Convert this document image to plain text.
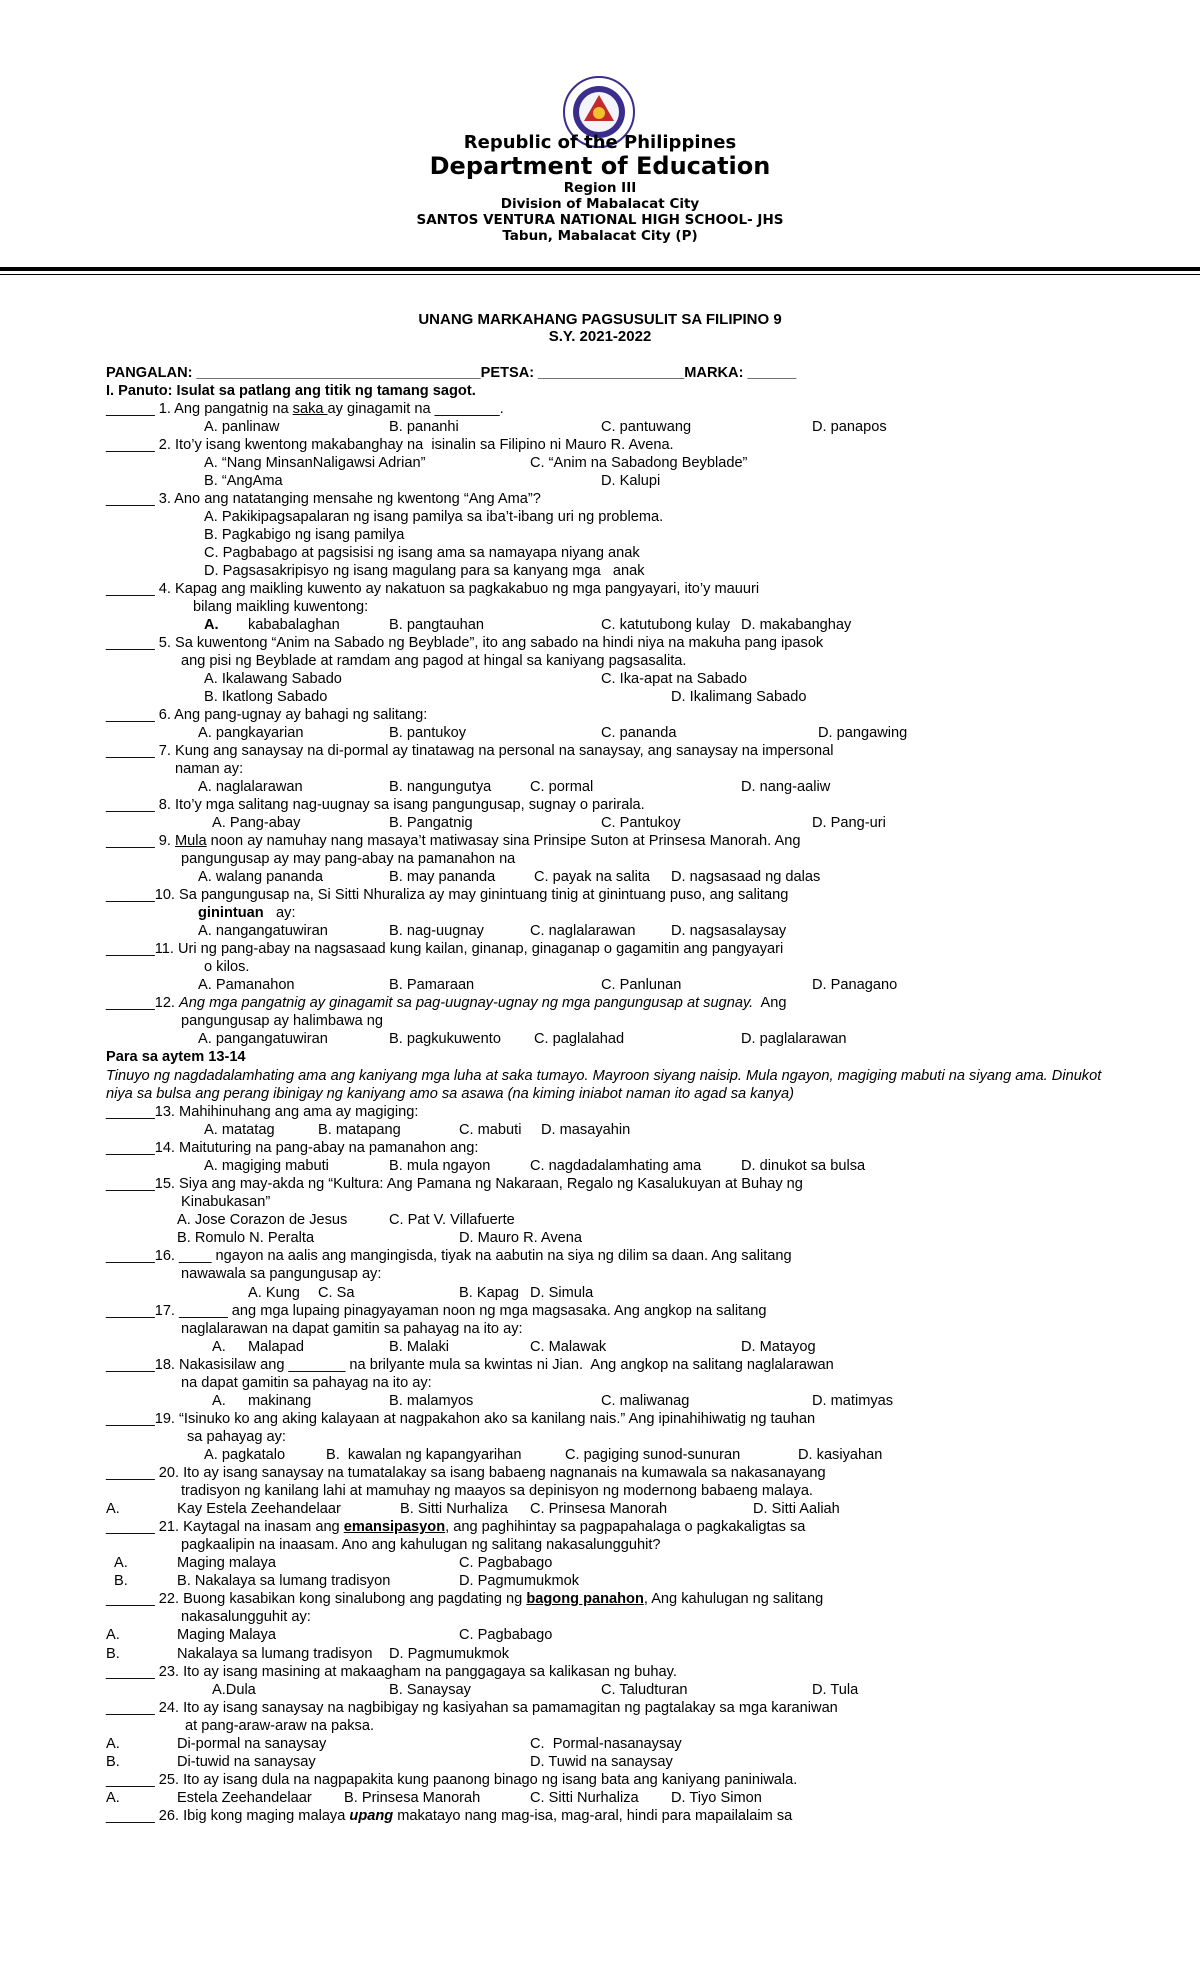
Republic of the Philippines
Department of Education
Region III
Division of Mabalacat City
SANTOS VENTURA NATIONAL HIGH SCHOOL- JHS
Tabun, Mabalacat City (P)
UNANG MARKAHANG PAGSUSULIT SA FILIPINO 9
S.Y. 2021-2022
PANGALAN: ___________________________________PETSA: __________________MARKA: ______
I. Panuto: Isulat sa patlang ang titik ng tamang sagot.
______ 1. Ang pangatnig na saka ay ginagamit na ________.
A. panlinaw	B. pananhi	C. pantuwang	D. panapos
______ 2. Ito’y isang kwentong makabanghay na  isinalin sa Filipino ni Mauro R. Avena.
A. “Nang MinsanNaligawsi Adrian”	C. “Anim na Sabadong Beyblade”
B. “AngAma	D. Kalupi
______ 3. Ano ang natatanging mensahe ng kwentong “Ang Ama”?
A. Pakikipagsapalaran ng isang pamilya sa iba’t-ibang uri ng problema.
B. Pagkabigo ng isang pamilya
C. Pagbabago at pagsisisi ng isang ama sa namayapa niyang anak
D. Pagsasakripisyo ng isang magulang para sa kanyang mga   anak
______ 4. Kapag ang maikling kuwento ay nakatuon sa pagkakabuo ng mga pangyayari, ito’y mauuri
bilang maikling kuwentong:
A. kababalaghan	B. pangtauhan	C. katutubong kulay D. makabanghay
______ 5. Sa kuwentong “Anim na Sabado ng Beyblade”, ito ang sabado na hindi niya na makuha pang ipasok
ang pisi ng Beyblade at ramdam ang pagod at hingal sa kaniyang pagsasalita.
A. Ikalawang Sabado	C. Ika-apat na Sabado
B. Ikatlong Sabado	D. Ikalimang Sabado
______ 6. Ang pang-ugnay ay bahagi ng salitang:
A. pangkayarian	B. pantukoy	C. pananda	D. pangawing
______ 7. Kung ang sanaysay na di-pormal ay tinatawag na personal na sanaysay, ang sanaysay na impersonal
naman ay:
A. naglalarawan	B. nangungutya	C. pormal	D. nang-aaliw
______ 8. Ito’y mga salitang nag-uugnay sa isang pangungusap, sugnay o parirala.
A. Pang-abay	B. Pangatnig	C. Pantukoy	D. Pang-uri
______ 9. Mula noon ay namuhay nang masaya’t matiwasay sina Prinsipe Suton at Prinsesa Manorah. Ang
pangungusap ay may pang-abay na pamanahon na
A. walang pananda	B. may pananda	C. payak na salita D. nagsasaad ng dalas
______10. Sa pangungusap na, Si Sitti Nhuraliza ay may ginintuang tinig at ginintuang puso, ang salitang
ginintuan ay:
A. nangangatuwiran	B. nag-uugnay	C. naglalarawan D. nagsasalaysay
______11. Uri ng pang-abay na nagsasaad kung kailan, ginanap, ginaganap o gagamitin ang pangyayari
o kilos.
A. Pamanahon	B. Pamaraan	C. Panlunan	D. Panagano
______12. Ang mga pangatnig ay ginagamit sa pag-uugnay-ugnay ng mga pangungusap at sugnay.  Ang
pangungusap ay halimbawa ng
A. pangangatuwiran	B. pagkukuwento C. paglalahad	D. paglalarawan
Para sa aytem 13-14
Tinuyo ng nagdadalamhating ama ang kaniyang mga luha at saka tumayo. Mayroon siyang naisip. Mula ngayon, magiging mabuti na siyang ama. Dinukot niya sa bulsa ang perang ibinigay ng kaniyang amo sa asawa (na kiming iniabot naman ito agad sa kanya)
______13. Mahihinuhang ang ama ay magiging:
A. matatag	B. matapang	C. mabuti D. masayahin
______14. Maituturing na pang-abay na pamanahon ang:
A. magiging mabuti	B. mula ngayon	C. nagdadalamhating ama	D. dinukot sa bulsa
______15. Siya ang may-akda ng “Kultura: Ang Pamana ng Nakaraan, Regalo ng Kasalukuyan at Buhay ng
Kinabukasan”
A. Jose Corazon de Jesus	C. Pat V. Villafuerte
B. Romulo N. Peralta	D. Mauro R. Avena
______16. ____ ngayon na aalis ang mangingisda, tiyak na aabutin na siya ng dilim sa daan. Ang salitang
nawawala sa pangungusap ay:
A. Kung C. Sa	B. Kapag D. Simula
______17. ______ ang mga lupaing pinagyayaman noon ng mga magsasaka. Ang angkop na salitang
naglalarawan na dapat gamitin sa pahayag na ito ay:
A. Malapad	B. Malaki	C. Malawak	D. Matayog
______18. Nakasisilaw ang _______ na brilyante mula sa kwintas ni Jian.  Ang angkop na salitang naglalarawan
na dapat gamitin sa pahayag na ito ay:
A. makinang	B. malamyos	C. maliwanag	D. matimyas
______19. “Isinuko ko ang aking kalayaan at nagpakahon ako sa kanilang nais.” Ang ipinahihiwatig ng tauhan
sa pahayag ay:
A. pagkatalo	B.  kawalan ng kapangyarihan	C. pagiging sunod-sunuran	D. kasiyahan
______ 20. Ito ay isang sanaysay na tumatalakay sa isang babaeng nagnanais na kumawala sa nakasanayang
tradisyon ng kanilang lahi at mamuhay ng maayos sa depinisyon ng modernong babaeng malaya.
A.	Kay Estela Zeehandelaar	B. Sitti Nurhaliza C. Prinsesa Manorah	D. Sitti Aaliah
______ 21. Kaytagal na inasam ang emansipasyon, ang paghihintay sa pagpapahalaga o pagkakaligtas sa
pagkaalipin na inaasam. Ano ang kahulugan ng salitang nakasalungguhit?
A.	Maging malaya	C. Pagbabago
B.	B. Nakalaya sa lumang tradisyon	D. Pagmumukmok
______ 22. Buong kasabikan kong sinalubong ang pagdating ng bagong panahon, Ang kahulugan ng salitang
nakasalungguhit ay:
A.	Maging Malaya	C. Pagbabago
B.	Nakalaya sa lumang tradisyon D. Pagmumukmok
______ 23. Ito ay isang masining at makaagham na panggagaya sa kalikasan ng buhay.
A.Dula	B. Sanaysay	C. Taludturan	D. Tula
______ 24. Ito ay isang sanaysay na nagbibigay ng kasiyahan sa pamamagitan ng pagtalakay sa mga karaniwan
at pang-araw-araw na paksa.
A.	Di-pormal na sanaysay	C.  Pormal-nasanaysay
B.	Di-tuwid na sanaysay	D. Tuwid na sanaysay
______ 25. Ito ay isang dula na nagpapakita kung paanong binago ng isang bata ang kaniyang paniniwala.
A.	Estela Zeehandelaar B. Prinsesa Manorah	C. Sitti Nurhaliza D. Tiyo Simon
______ 26. Ibig kong maging malaya upang makatayo nang mag-isa, mag-aral, hindi para mapailalaim sa
